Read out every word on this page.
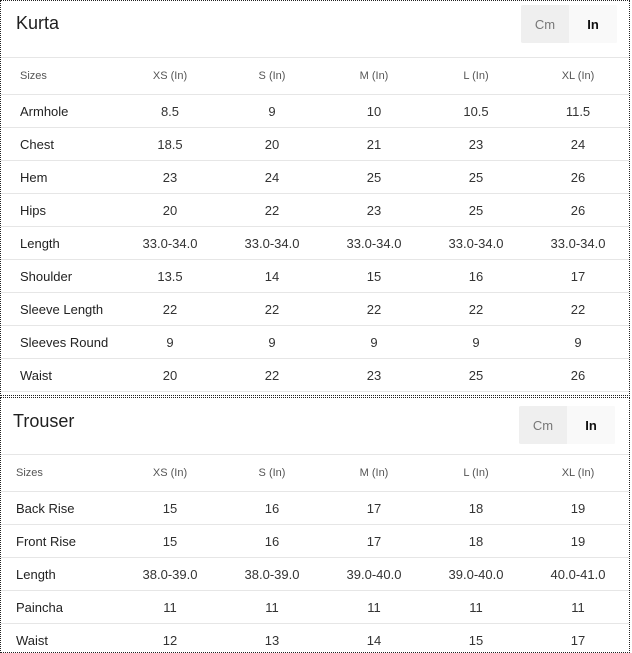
Kurta	Cm	In
Sizes	XS (In)	S (In)	M (In)	L (In)	XL (In)
Armhole	8.5	9	10	10.5	11.5
Chest	18.5	20	21	23	24
Hem	23	24	25	25	26
Hips	20	22	23	25	26
Length	33.0-34.0	33.0-34.0	33.0-34.0	33.0-34.0	33.0-34.0
Shoulder	13.5	14	15	16	17
Sleeve Length	22	22	22	22	22
Sleeves Round	9	9	9	9	9
Waist	20	22	23	25	26
Trouser	Cm	In
Sizes	XS (In)	S (In)	M (In)	L (In)	XL (In)
Back Rise	15	16	17	18	19
Front Rise	15	16	17	18	19
Length	38.0-39.0	38.0-39.0	39.0-40.0	39.0-40.0	40.0-41.0
Paincha	11	11	11	11	11
Waist	12	13	14	15	17
